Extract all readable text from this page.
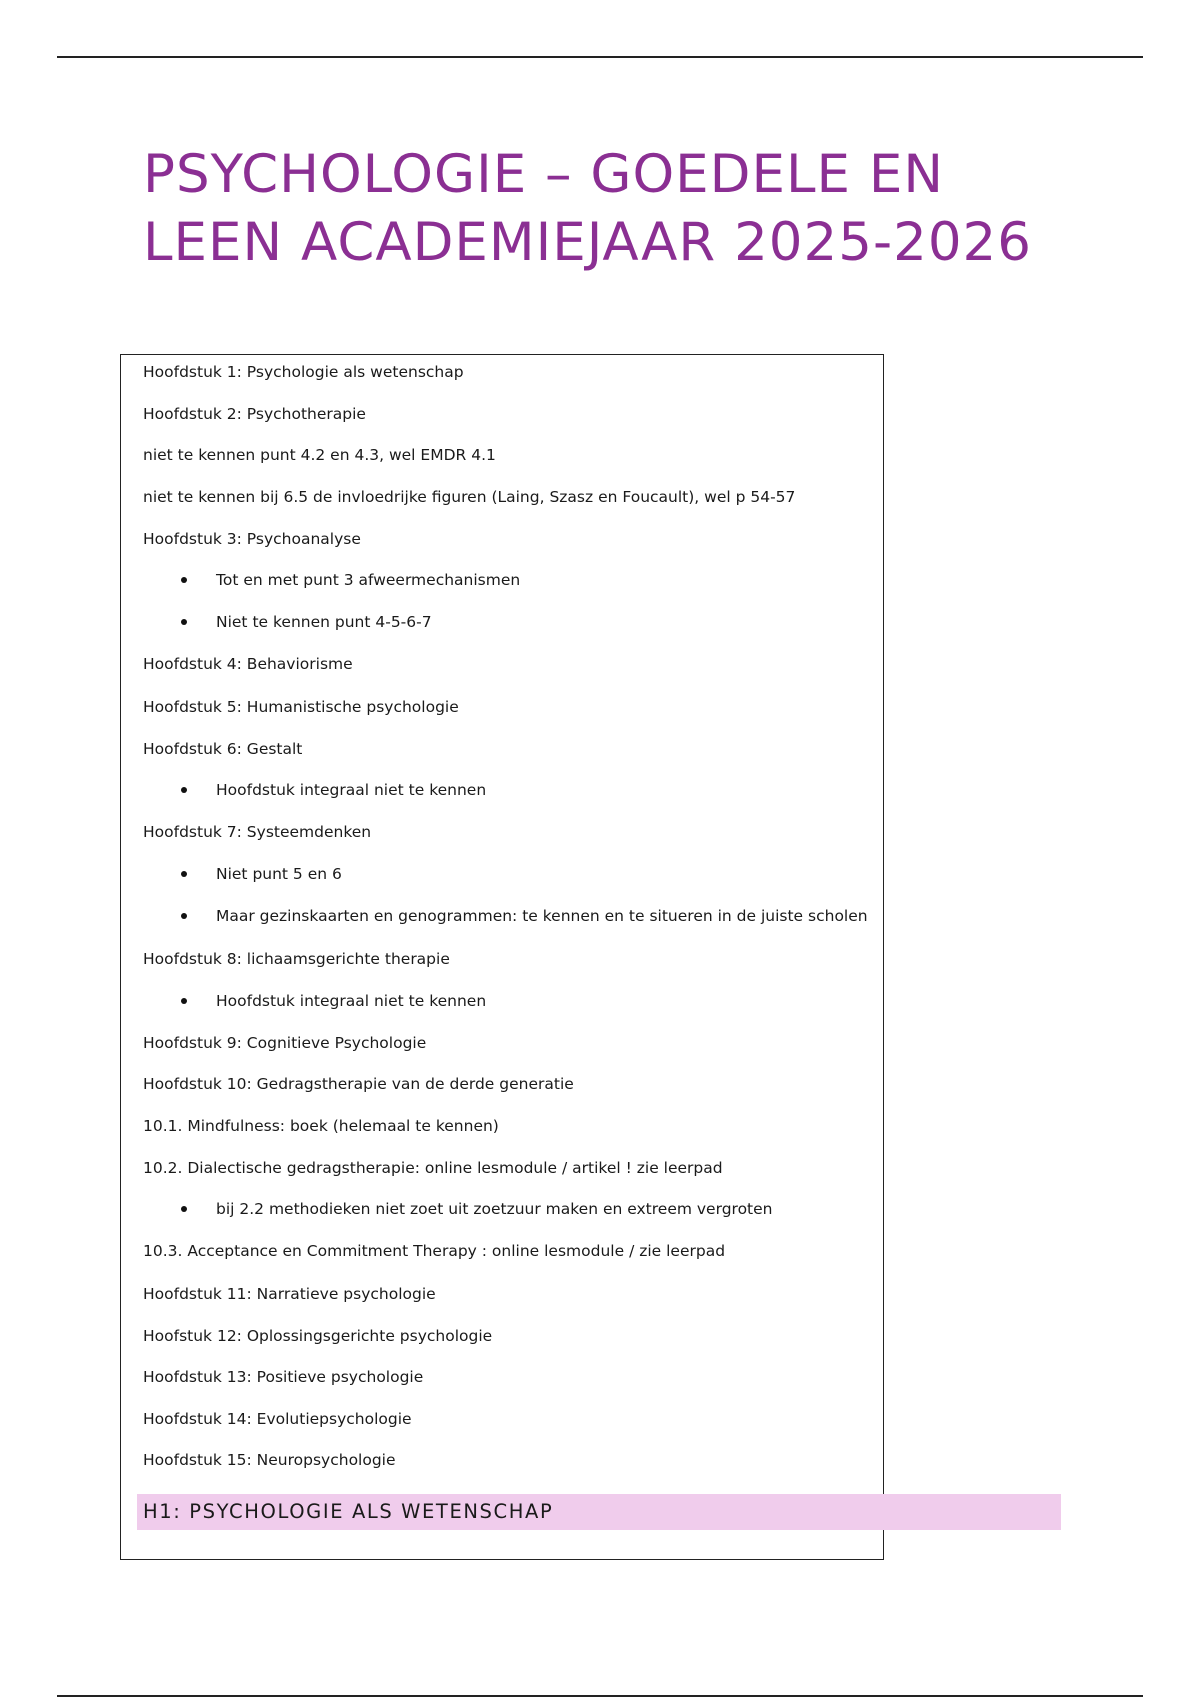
PSYCHOLOGIE – GOEDELE EN LEEN ACADEMIEJAAR 2025-2026
Hoofdstuk 1: Psychologie als wetenschap
Hoofdstuk 2: Psychotherapie
niet te kennen punt 4.2 en 4.3, wel EMDR 4.1
niet te kennen bij 6.5 de invloedrijke figuren (Laing, Szasz en Foucault), wel p 54-57
Hoofdstuk 3: Psychoanalyse
Tot en met punt 3 afweermechanismen
Niet te kennen punt 4-5-6-7
Hoofdstuk 4: Behaviorisme
Hoofdstuk 5: Humanistische psychologie
Hoofdstuk 6: Gestalt
Hoofdstuk integraal niet te kennen
Hoofdstuk 7: Systeemdenken
Niet punt 5 en 6
Maar gezinskaarten en genogrammen: te kennen en te situeren in de juiste scholen
Hoofdstuk 8: lichaamsgerichte therapie
Hoofdstuk integraal niet te kennen
Hoofdstuk 9: Cognitieve Psychologie
Hoofdstuk 10: Gedragstherapie van de derde generatie
10.1. Mindfulness: boek (helemaal te kennen)
10.2. Dialectische gedragstherapie: online lesmodule / artikel ! zie leerpad
bij 2.2 methodieken niet zoet uit zoetzuur maken en extreem vergroten
10.3. Acceptance en Commitment Therapy : online lesmodule / zie leerpad
Hoofdstuk 11: Narratieve psychologie
Hoofstuk 12: Oplossingsgerichte psychologie
Hoofdstuk 13: Positieve psychologie
Hoofdstuk 14: Evolutiepsychologie
Hoofdstuk 15: Neuropsychologie
H1: PSYCHOLOGIE ALS WETENSCHAP
